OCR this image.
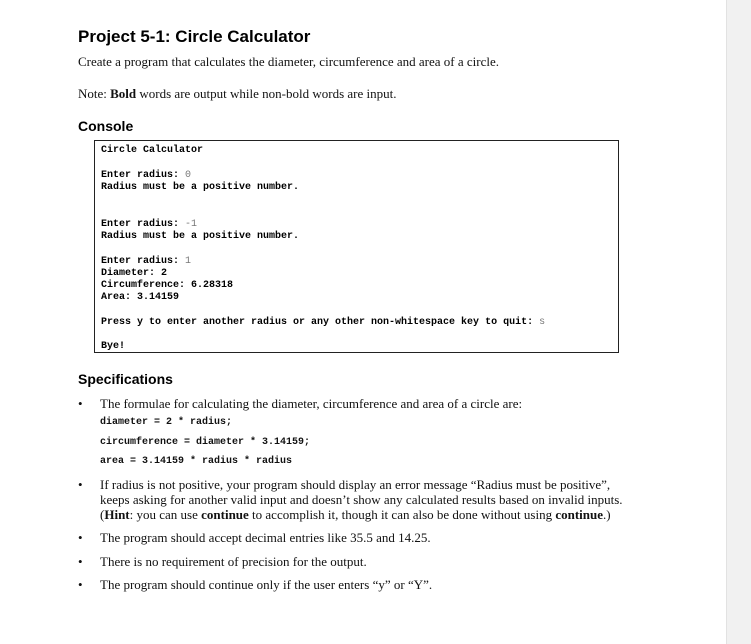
Project 5-1: Circle Calculator

Create a program that calculates the diameter, circumference and area of a circle.

Note: Bold words are output while non-bold words are input.

Console
Circle Calculator
Enter radius: 0
Radius must be a positive number.
Enter radius: -1
Radius must be a positive number.
Enter radius: 1
Diameter: 2
Circumference: 6.28318
Area: 3.14159
Press y to enter another radius or any other non-whitespace key to quit: s
Bye!
Specifications
• The formulae for calculating the diameter, circumference and area of a circle are:
diameter = 2 * radius;
circumference = diameter * 3.14159;
area = 3.14159 * radius * radius
• If radius is not positive, your program should display an error message “Radius must be positive”, keeps asking for another valid input and doesn’t show any calculated results based on invalid inputs. (Hint: you can use continue to accomplish it, though it can also be done without using continue.)
• The program should accept decimal entries like 35.5 and 14.25.
• There is no requirement of precision for the output.
• The program should continue only if the user enters “y” or “Y”.
